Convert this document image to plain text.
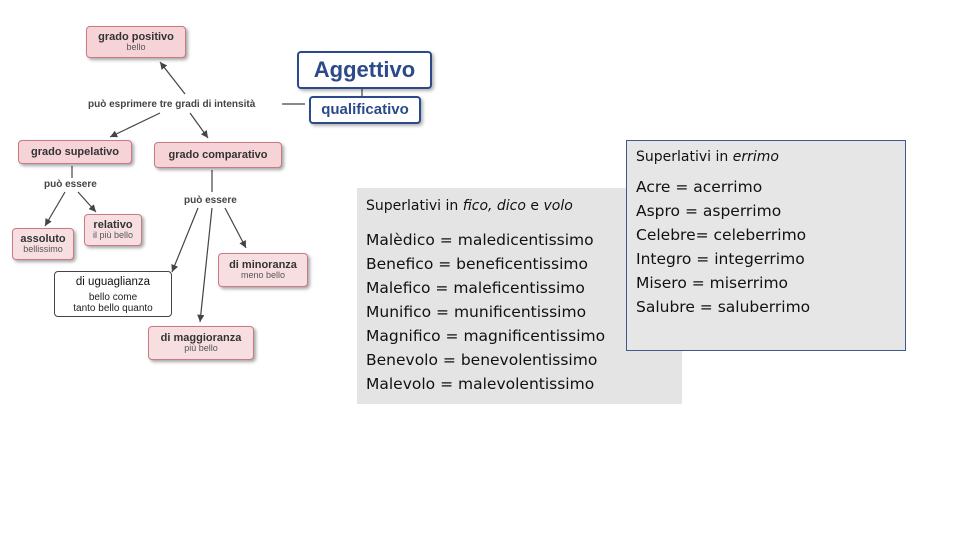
Aggettivo
qualificativo
può esprimere tre gradi di intensità
può essere
può essere
grado positivo
bello
grado supelativo	grado comparativo
assoluto
bellissimo
relativo
il più bello
di uguaglianza
bello come
tanto bello quanto
di minoranza
meno bello
di maggioranza
più bello
Superlativi in fico, dico e volo
Malèdico = maledicentissimo
Benefico = beneficentissimo
Malefico = maleficentissimo
Munifico = munificentissimo
Magnifico = magnificentissimo
Benevolo = benevolentissimo
Malevolo = malevolentissimo
Superlativi in errimo
Acre = acerrimo
Aspro = asperrimo
Celebre= celeberrimo
Integro = integerrimo
Misero = miserrimo
Salubre = saluberrimo
